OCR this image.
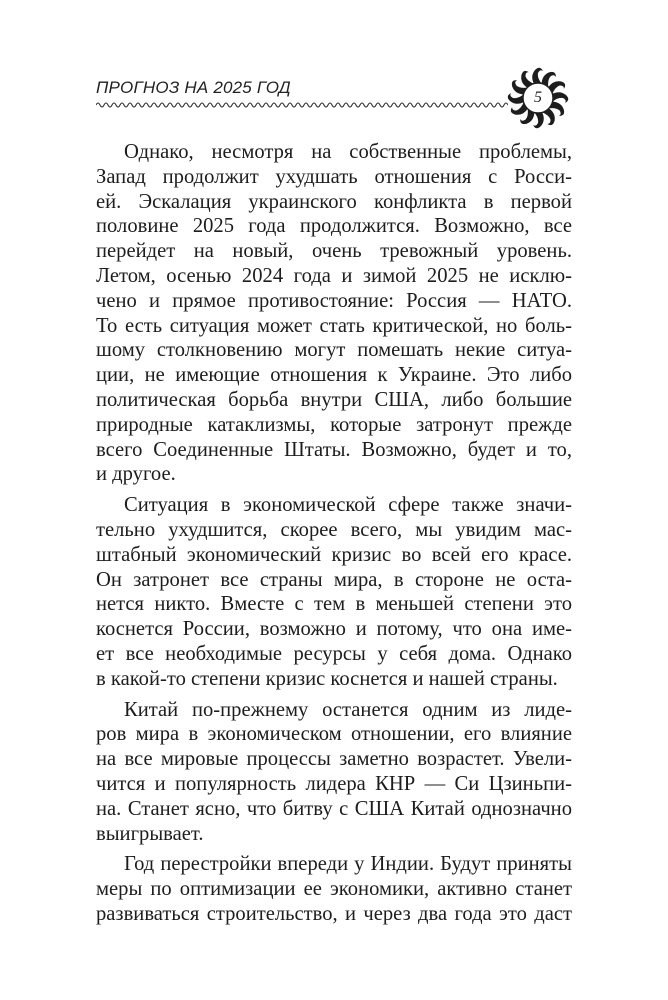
ПРОГНОЗ НА 2025 ГОД
5
Однако, несмотря на собственные проблемы,
Запад продолжит ухудшать отношения с Росси-
ей. Эскалация украинского конфликта в первой
половине 2025 года продолжится. Возможно, все
перейдет на новый, очень тревожный уровень.
Летом, осенью 2024 года и зимой 2025 не исклю-
чено и прямое противостояние: Россия — НАТО.
То есть ситуация может стать критической, но боль-
шому столкновению могут помешать некие ситуа-
ции, не имеющие отношения к Украине. Это либо
политическая борьба внутри США, либо большие
природные катаклизмы, которые затронут прежде
всего Соединенные Штаты. Возможно, будет и то,
и другое.
Ситуация в экономической сфере также значи-
тельно ухудшится, скорее всего, мы увидим мас-
штабный экономический кризис во всей его красе.
Он затронет все страны мира, в стороне не оста-
нется никто. Вместе с тем в меньшей степени это
коснется России, возможно и потому, что она име-
ет все необходимые ресурсы у себя дома. Однако
в какой-то степени кризис коснется и нашей страны.
Китай по-прежнему останется одним из лиде-
ров мира в экономическом отношении, его влияние
на все мировые процессы заметно возрастет. Увели-
чится и популярность лидера КНР — Си Цзиньпи-
на. Станет ясно, что битву с США Китай однозначно
выигрывает.
Год перестройки впереди у Индии. Будут приняты
меры по оптимизации ее экономики, активно станет
развиваться строительство, и через два года это даст
